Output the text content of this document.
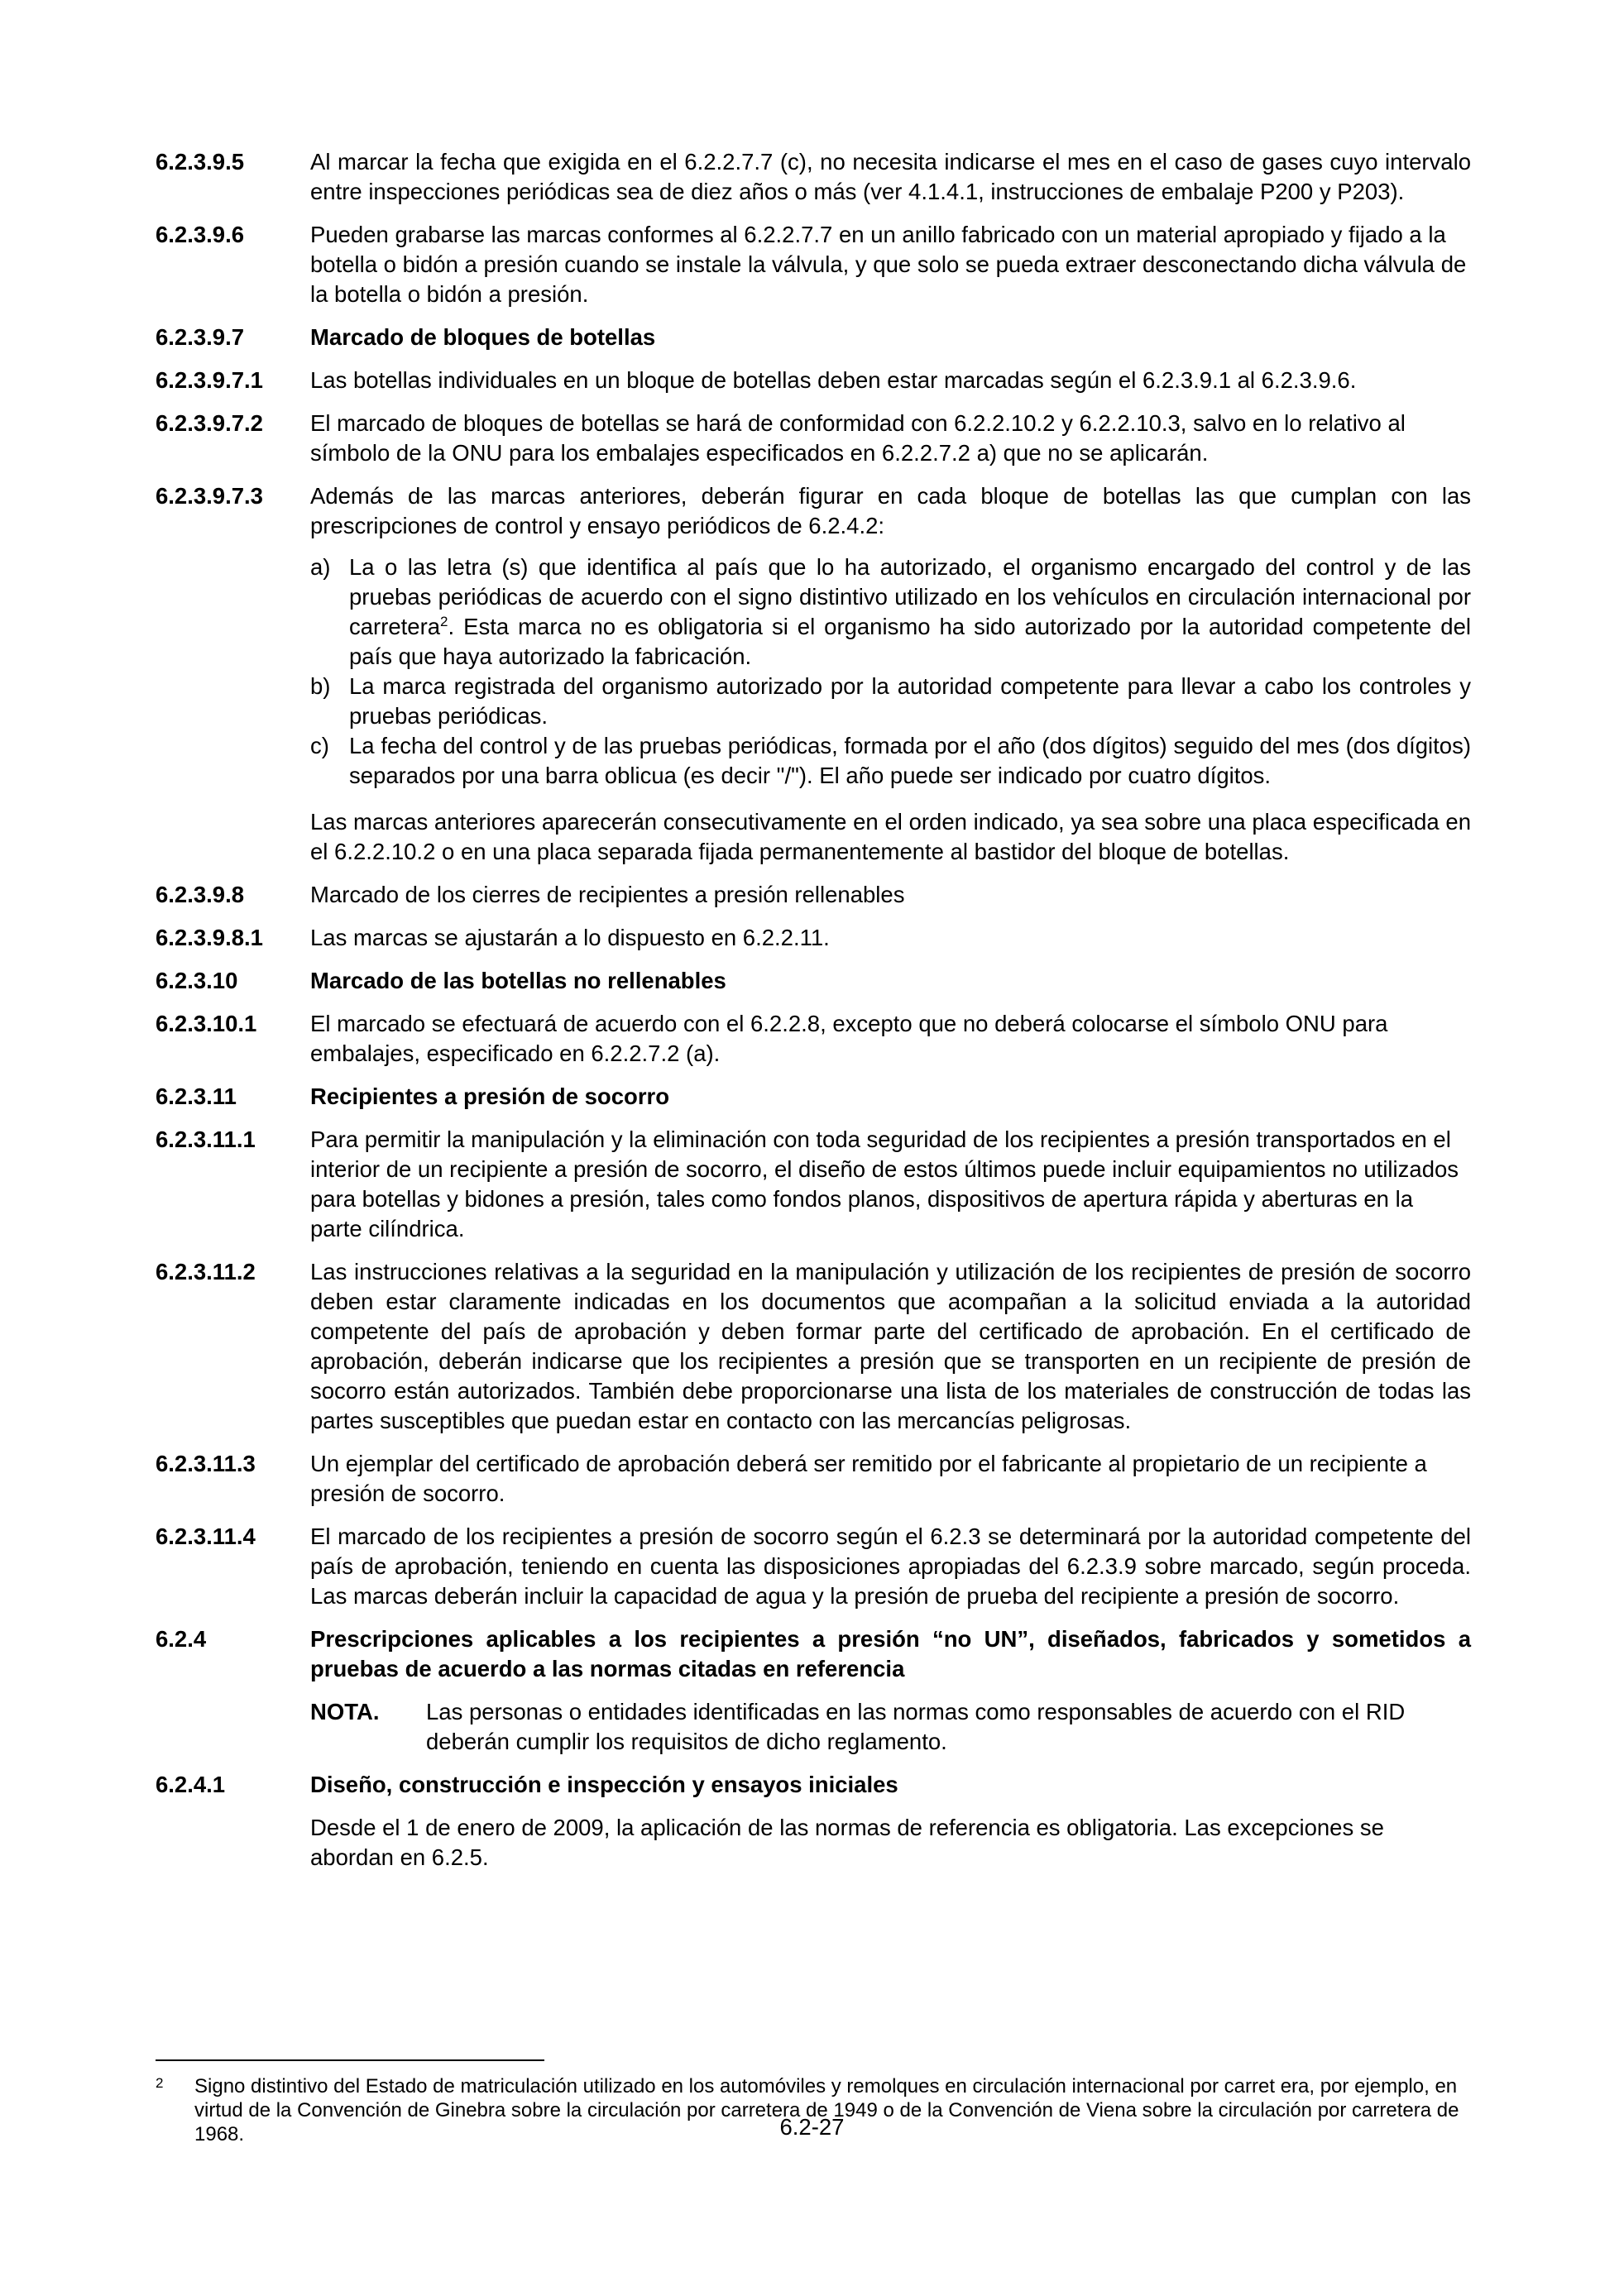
6.2.3.9.5	Al marcar la fecha que exigida en el 6.2.2.7.7 (c), no necesita indicarse el mes en el caso de gases cuyo intervalo entre inspecciones periódicas sea de diez años o más (ver 4.1.4.1, instrucciones de embalaje P200 y P203).
6.2.3.9.6	Pueden grabarse las marcas conformes al 6.2.2.7.7 en un anillo fabricado con un material apropiado y fijado a la botella o bidón a presión cuando se instale la válvula, y que solo se pueda extraer desconectando dicha válvula de la botella o bidón a presión.
6.2.3.9.7	Marcado de bloques de botellas
6.2.3.9.7.1	Las botellas individuales en un bloque de botellas deben estar marcadas según el 6.2.3.9.1 al 6.2.3.9.6.
6.2.3.9.7.2	El marcado de bloques de botellas se hará de conformidad con 6.2.2.10.2 y 6.2.2.10.3, salvo en lo relativo al símbolo de la ONU para los embalajes especificados en 6.2.2.7.2 a) que no se aplicarán.
6.2.3.9.7.3	Además de las marcas anteriores, deberán figurar en cada bloque de botellas las que cumplan con las prescripciones de control y ensayo periódicos de 6.2.4.2:
a) La o las letra (s) que identifica al país que lo ha autorizado, el organismo encargado del control y de las pruebas periódicas de acuerdo con el signo distintivo utilizado en los vehículos en circulación internacional por carretera$^2$. Esta marca no es obligatoria si el organismo ha sido autorizado por la autoridad competente del país que haya autorizado la fabricación.
b) La marca registrada del organismo autorizado por la autoridad competente para llevar a cabo los controles y pruebas periódicas.
c) La fecha del control y de las pruebas periódicas, formada por el año (dos dígitos) seguido del mes (dos dígitos) separados por una barra oblicua (es decir "/"). El año puede ser indicado por cuatro dígitos.
Las marcas anteriores aparecerán consecutivamente en el orden indicado, ya sea sobre una placa especificada en el 6.2.2.10.2 o en una placa separada fijada permanentemente al bastidor del bloque de botellas.
6.2.3.9.8	Marcado de los cierres de recipientes a presión rellenables
6.2.3.9.8.1	Las marcas se ajustarán a lo dispuesto en 6.2.2.11.
6.2.3.10	Marcado de las botellas no rellenables
6.2.3.10.1	El marcado se efectuará de acuerdo con el 6.2.2.8, excepto que no deberá colocarse el símbolo ONU para embalajes, especificado en 6.2.2.7.2 (a).
6.2.3.11	Recipientes a presión de socorro
6.2.3.11.1	Para permitir la manipulación y la eliminación con toda seguridad de los recipientes a presión transportados en el interior de un recipiente a presión de socorro, el diseño de estos últimos puede incluir equipamientos no utilizados para botellas y bidones a presión, tales como fondos planos, dispositivos de apertura rápida y aberturas en la parte cilíndrica.
6.2.3.11.2	Las instrucciones relativas a la seguridad en la manipulación y utilización de los recipientes de presión de socorro deben estar claramente indicadas en los documentos que acompañan a la solicitud enviada a la autoridad competente del país de aprobación y deben formar parte del certificado de aprobación. En el certificado de aprobación, deberán indicarse que los recipientes a presión que se transporten en un recipiente de presión de socorro están autorizados. También debe proporcionarse una lista de los materiales de construcción de todas las partes susceptibles que puedan estar en contacto con las mercancías peligrosas.
6.2.3.11.3	Un ejemplar del certificado de aprobación deberá ser remitido por el fabricante al propietario de un recipiente a presión de socorro.
6.2.3.11.4	El marcado de los recipientes a presión de socorro según el 6.2.3 se determinará por la autoridad competente del país de aprobación, teniendo en cuenta las disposiciones apropiadas del 6.2.3.9 sobre marcado, según proceda. Las marcas deberán incluir la capacidad de agua y la presión de prueba del recipiente a presión de socorro.
6.2.4	Prescripciones aplicables a los recipientes a presión “no UN”, diseñados, fabricados y sometidos a pruebas de acuerdo a las normas citadas en referencia
NOTA.	Las personas o entidades identificadas en las normas como responsables de acuerdo con el RID deberán cumplir los requisitos de dicho reglamento.
6.2.4.1	Diseño, construcción e inspección y ensayos iniciales
Desde el 1 de enero de 2009, la aplicación de las normas de referencia es obligatoria. Las excepciones se abordan en 6.2.5.
2	Signo distintivo del Estado de matriculación utilizado en los automóviles y remolques en circulación internacional por carret era, por ejemplo, en virtud de la Convención de Ginebra sobre la circulación por carretera de 1949 o de la Convención de Viena sobre la circulación por carretera de 1968.	6.2-27
